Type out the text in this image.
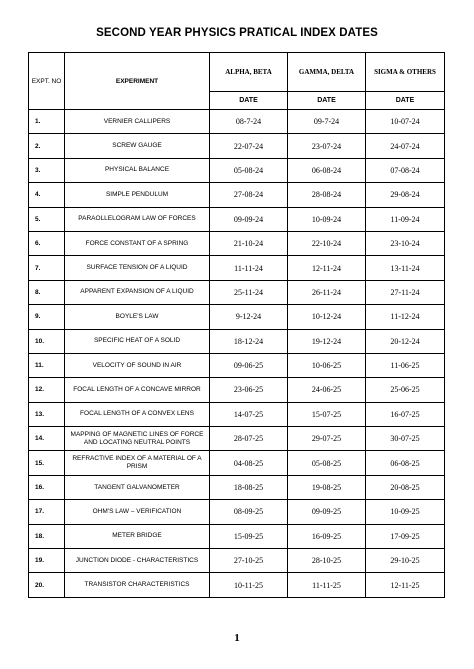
SECOND YEAR PHYSICS PRATICAL INDEX DATES
EXPT. NO	EXPERIMENT	ALPHA, BETA	GAMMA, DELTA	SIGMA & OTHERS
		DATE	DATE	DATE
1.	VERNIER CALLIPERS	08-7-24	09-7-24	10-07-24
2.	SCREW GAUGE	22-07-24	23-07-24	24-07-24
3.	PHYSICAL BALANCE	05-08-24	06-08-24	07-08-24
4.	SIMPLE PENDULUM	27-08-24	28-08-24	29-08-24
5.	PARAOLLELOGRAM LAW OF FORCES	09-09-24	10-09-24	11-09-24
6.	FORCE CONSTANT OF A SPRING	21-10-24	22-10-24	23-10-24
7.	SURFACE TENSION OF A LIQUID	11-11-24	12-11-24	13-11-24
8.	APPARENT EXPANSION OF A LIQUID	25-11-24	26-11-24	27-11-24
9.	BOYLE'S LAW	9-12-24	10-12-24	11-12-24
10.	SPECIFIC HEAT OF A SOLID	18-12-24	19-12-24	20-12-24
11.	VELOCITY OF SOUND IN AIR	09-06-25	10-06-25	11-06-25
12.	FOCAL LENGTH OF A CONCAVE MIRROR	23-06-25	24-06-25	25-06-25
13.	FOCAL LENGTH OF A CONVEX LENS	14-07-25	15-07-25	16-07-25
14.	MAPPING OF MAGNETIC LINES OF FORCE AND LOCATING NEUTRAL POINTS	28-07-25	29-07-25	30-07-25
15.	REFRACTIVE INDEX OF A MATERIAL OF A PRISM	04-08-25	05-08-25	06-08-25
16.	TANGENT GALVANOMETER	18-08-25	19-08-25	20-08-25
17.	OHM'S LAW – VERIFICATION	08-09-25	09-09-25	10-09-25
18.	METER BRIDGE	15-09-25	16-09-25	17-09-25
19.	JUNCTION DIODE - CHARACTERISTICS	27-10-25	28-10-25	29-10-25
20.	TRANSISTOR CHARACTERISTICS	10-11-25	11-11-25	12-11-25
1
